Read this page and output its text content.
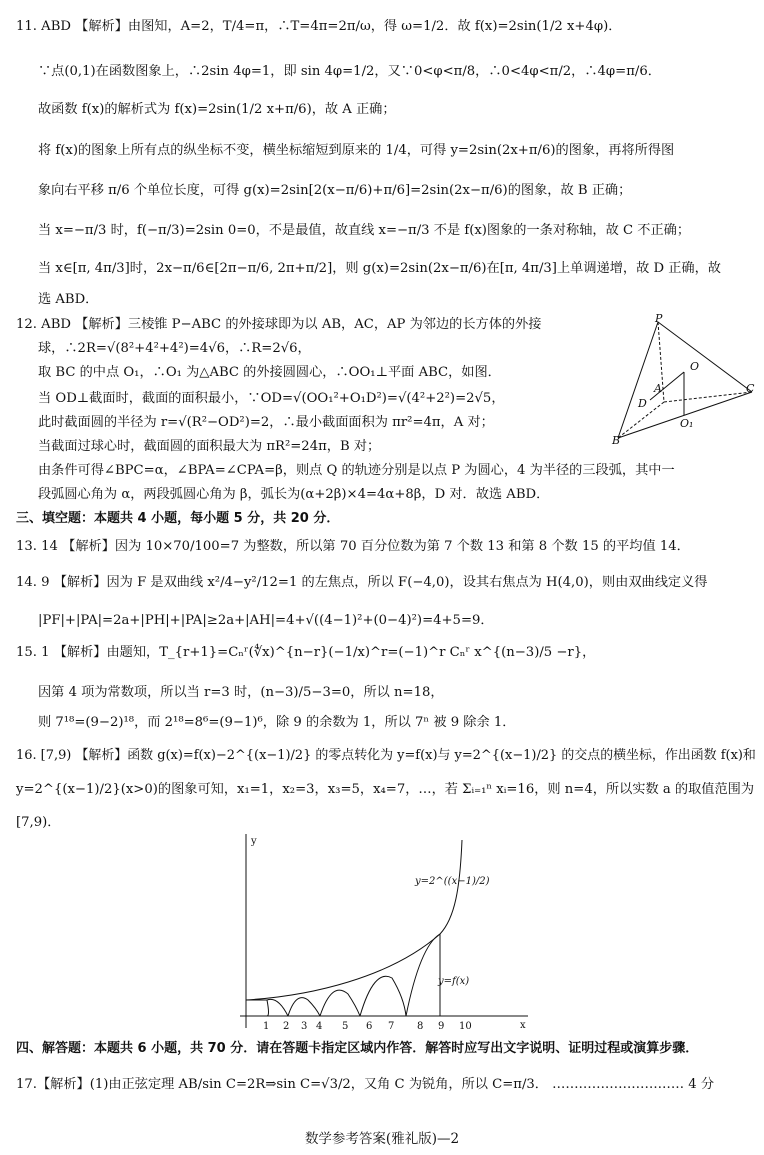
11. ABD 【解析】由图知，A=2，T/4=π，∴T=4π=2π/ω，得 ω=1/2．故 f(x)=2sin(1/2 x+4φ)．
∵点(0,1)在函数图象上，∴2sin 4φ=1，即 sin 4φ=1/2，又∵0<φ<π/8，∴0<4φ<π/2，∴4φ=π/6．
故函数 f(x)的解析式为 f(x)=2sin(1/2 x+π/6)，故 A 正确；
将 f(x)的图象上所有点的纵坐标不变，横坐标缩短到原来的 1/4，可得 y=2sin(2x+π/6)的图象，再将所得图
象向右平移 π/6 个单位长度，可得 g(x)=2sin[2(x−π/6)+π/6]=2sin(2x−π/6)的图象，故 B 正确；
当 x=−π/3 时，f(−π/3)=2sin 0=0，不是最值，故直线 x=−π/3 不是 f(x)图象的一条对称轴，故 C 不正确；
当 x∈[π, 4π/3]时，2x−π/6∈[2π−π/6, 2π+π/2]，则 g(x)=2sin(2x−π/6)在[π, 4π/3]上单调递增，故 D 正确，故
选 ABD．
12. ABD 【解析】三棱锥 P−ABC 的外接球即为以 AB，AC，AP 为邻边的长方体的外接
球，∴2R=√(8²+4²+4²)=4√6，∴R=2√6，
取 BC 的中点 O₁，∴O₁ 为△ABC 的外接圆圆心，∴OO₁⊥平面 ABC，如图．
当 OD⊥截面时，截面的面积最小，∵OD=√(OO₁²+O₁D²)=√(4²+2²)=2√5，
此时截面圆的半径为 r=√(R²−OD²)=2，∴最小截面面积为 πr²=4π，A 对；
当截面过球心时，截面圆的面积最大为 πR²=24π，B 对；
由条件可得∠BPC=α，∠BPA=∠CPA=β，则点 Q 的轨迹分别是以点 P 为圆心，4 为半径的三段弧，其中一
段弧圆心角为 α，两段弧圆心角为 β，弧长为(α+2β)×4=4α+8β，D 对．故选 ABD．
P
O
A
D
C
B
O₁
三、填空题：本题共 4 小题，每小题 5 分，共 20 分．
13. 14 【解析】因为 10×70/100=7 为整数，所以第 70 百分位数为第 7 个数 13 和第 8 个数 15 的平均值 14．
14. 9 【解析】因为 F 是双曲线 x²/4−y²/12=1 的左焦点，所以 F(−4,0)，设其右焦点为 H(4,0)，则由双曲线定义得
|PF|+|PA|=2a+|PH|+|PA|≥2a+|AH|=4+√((4−1)²+(0−4)²)=4+5=9．
15. 1 【解析】由题知，T_{r+1}=Cₙʳ(∜x)^{n−r}(−1/x)^r=(−1)^r Cₙʳ x^{(n−3)/5 −r}，
因第 4 项为常数项，所以当 r=3 时，(n−3)/5−3=0，所以 n=18，
则 7¹⁸=(9−2)¹⁸，而 2¹⁸=8⁶=(9−1)⁶，除 9 的余数为 1，所以 7ⁿ 被 9 除余 1．
16. [7,9) 【解析】函数 g(x)=f(x)−2^{(x−1)/2} 的零点转化为 y=f(x)与 y=2^{(x−1)/2} 的交点的横坐标，作出函数 f(x)和
y=2^{(x−1)/2}(x>0)的图象可知，x₁=1，x₂=3，x₃=5，x₄=7，…，若 Σᵢ₌₁ⁿ xᵢ=16，则 n=4，所以实数 a 的取值范围为
[7,9)．
y
x
y=2^((x−1)/2)
y=f(x)
1 2 3 4 5 6 7 8 9 10
四、解答题：本题共 6 小题，共 70 分．请在答题卡指定区域内作答．解答时应写出文字说明、证明过程或演算步骤．
17.【解析】(1)由正弦定理 AB/sin C=2R⇒sin C=√3/2，又角 C 为锐角，所以 C=π/3． ………………………… 4 分
数学参考答案(雅礼版)—2
